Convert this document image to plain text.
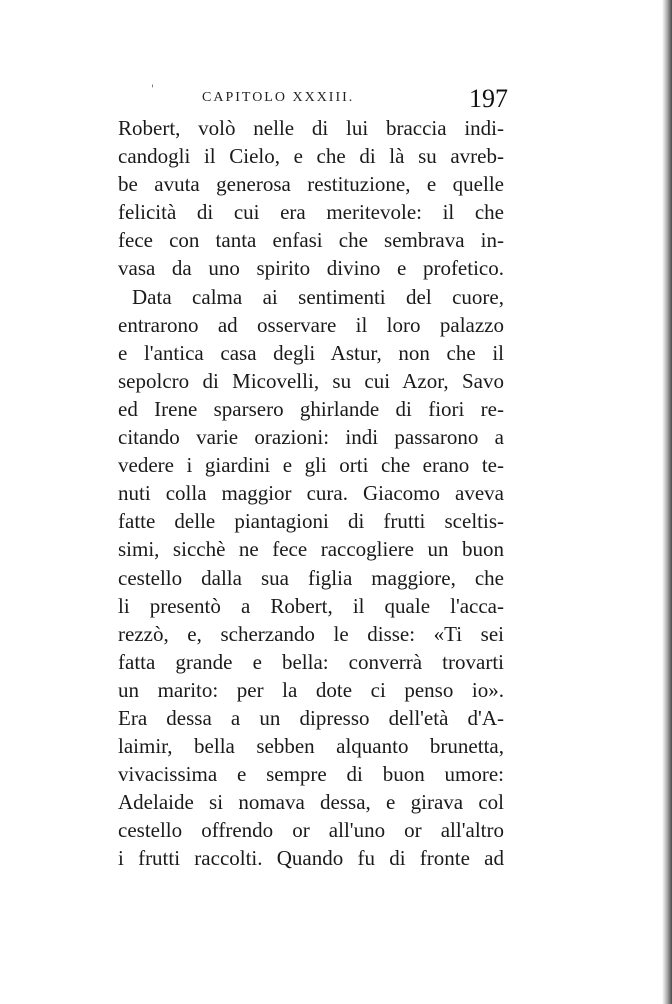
'
CAPITOLO XXXIII.	197
Robert, volò nelle di lui braccia indi-
candogli il Cielo, e che di là su avreb-
be avuta generosa restituzione, e quelle
felicità di cui era meritevole: il che
fece con tanta enfasi che sembrava in-
vasa da uno spirito divino e profetico.
Data calma ai sentimenti del cuore,
entrarono ad osservare il loro palazzo
e l'antica casa degli Astur, non che il
sepolcro di Micovelli, su cui Azor, Savo
ed Irene sparsero ghirlande di fiori re-
citando varie orazioni: indi passarono a
vedere i giardini e gli orti che erano te-
nuti colla maggior cura. Giacomo aveva
fatte delle piantagioni di frutti sceltis-
simi, sicchè ne fece raccogliere un buon
cestello dalla sua figlia maggiore, che
li presentò a Robert, il quale l'acca-
rezzò, e, scherzando le disse: «Ti sei
fatta grande e bella: converrà trovarti
un marito: per la dote ci penso io».
Era dessa a un dipresso dell'età d'A-
laimir, bella sebben alquanto brunetta,
vivacissima e sempre di buon umore:
Adelaide si nomava dessa, e girava col
cestello offrendo or all'uno or all'altro
i frutti raccolti. Quando fu di fronte ad
